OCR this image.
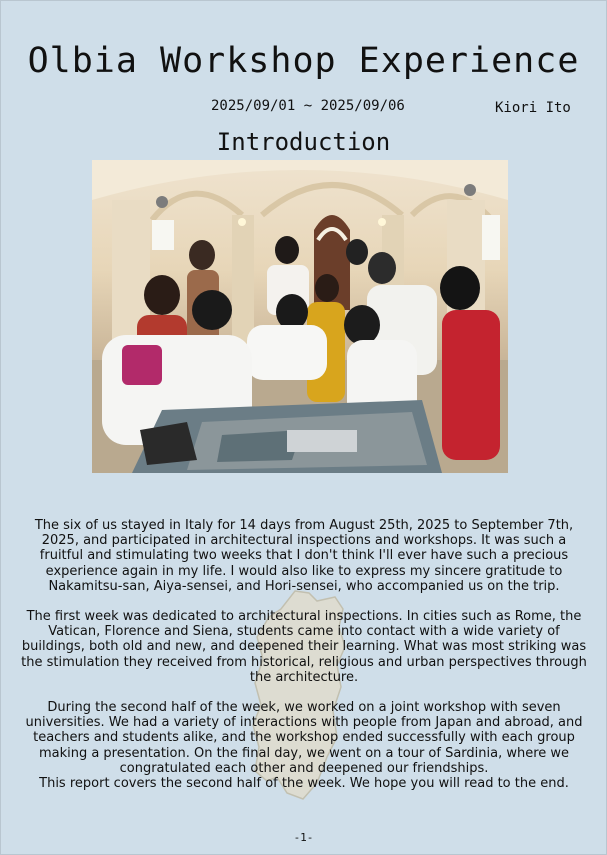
Olbia Workshop Experience
2025/09/01 ~ 2025/09/06	Kiori Ito
Introduction

The six of us stayed in Italy for 14 days from August 25th, 2025 to September 7th, 2025, and participated in architectural inspections and workshops. It was such a fruitful and stimulating two weeks that I don't think I'll ever have such a precious experience again in my life. I would also like to express my sincere gratitude to Nakamitsu-san, Aiya-sensei, and Hori-sensei, who accompanied us on the trip.

The first week was dedicated to architectural inspections. In cities such as Rome, the Vatican, Florence and Siena, students came into contact with a wide variety of buildings, both old and new, and deepened their learning. What was most striking was the stimulation they received from historical, religious and urban perspectives through the architecture.

During the second half of the week, we worked on a joint workshop with seven universities. We had a variety of interactions with people from Japan and abroad, and teachers and students alike, and the workshop ended successfully with each group making a presentation. On the final day, we went on a tour of Sardinia, where we congratulated each other and deepened our friendships.

This report covers the second half of the week. We hope you will read to the end.

-1-
